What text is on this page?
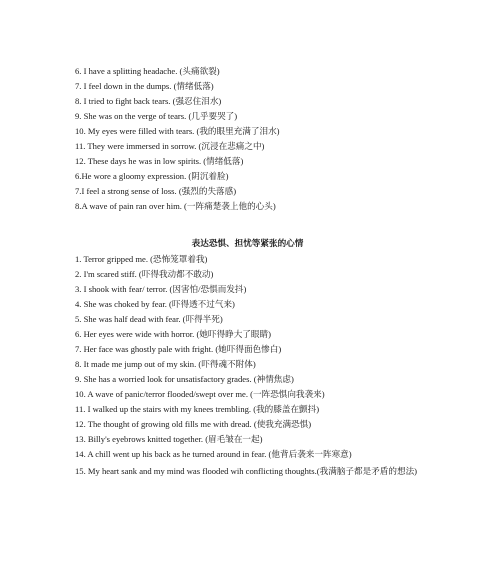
6. I have a splitting headache. (头痛欲裂)

7. I feel down in the dumps. (情绪低落)

8. I tried to fight back tears. (强忍住泪水)

9. She was on the verge of tears. (几乎要哭了)

10. My eyes were filled with tears. (我的眼里充满了泪水)

11. They were immersed in sorrow. (沉浸在悲痛之中)

12. These days he was in low spirits. (情绪低落)

6.He wore a gloomy expression. (阴沉着脸)

7.I feel a strong sense of loss. (强烈的失落感)

8.A wave of pain ran over him. (一阵痛楚袭上他的心头)

表达恐惧、担忧等紧张的心情

1. Terror gripped me. (恐怖笼罩着我)

2. I'm scared stiff. (吓得我动都不敢动)

3. I shook with fear/ terror. (因害怕/恐惧而发抖)

4. She was choked by fear. (吓得透不过气来)

5. She was half dead with fear. (吓得半死)

6. Her eyes were wide with horror. (她吓得睁大了眼睛)

7. Her face was ghostly pale with fright. (她吓得面色惨白)

8. It made me jump out of my skin. (吓得魂不附体)

9. She has a worried look for unsatisfactory grades. (神情焦虑)

10. A wave of panic/terror flooded/swept over me. (一阵恐惧向我袭来)

11. I walked up the stairs with my knees trembling. (我的膝盖在颤抖)

12. The thought of growing old fills me with dread. (使我充满恐惧)

13. Billy's eyebrows knitted together. (眉毛皱在一起)

14. A chill went up his back as he turned around in fear. (他背后袭来一阵寒意)

15. My heart sank and my mind was flooded wih conflicting thoughts.(我满脑子都是矛盾的想法)
